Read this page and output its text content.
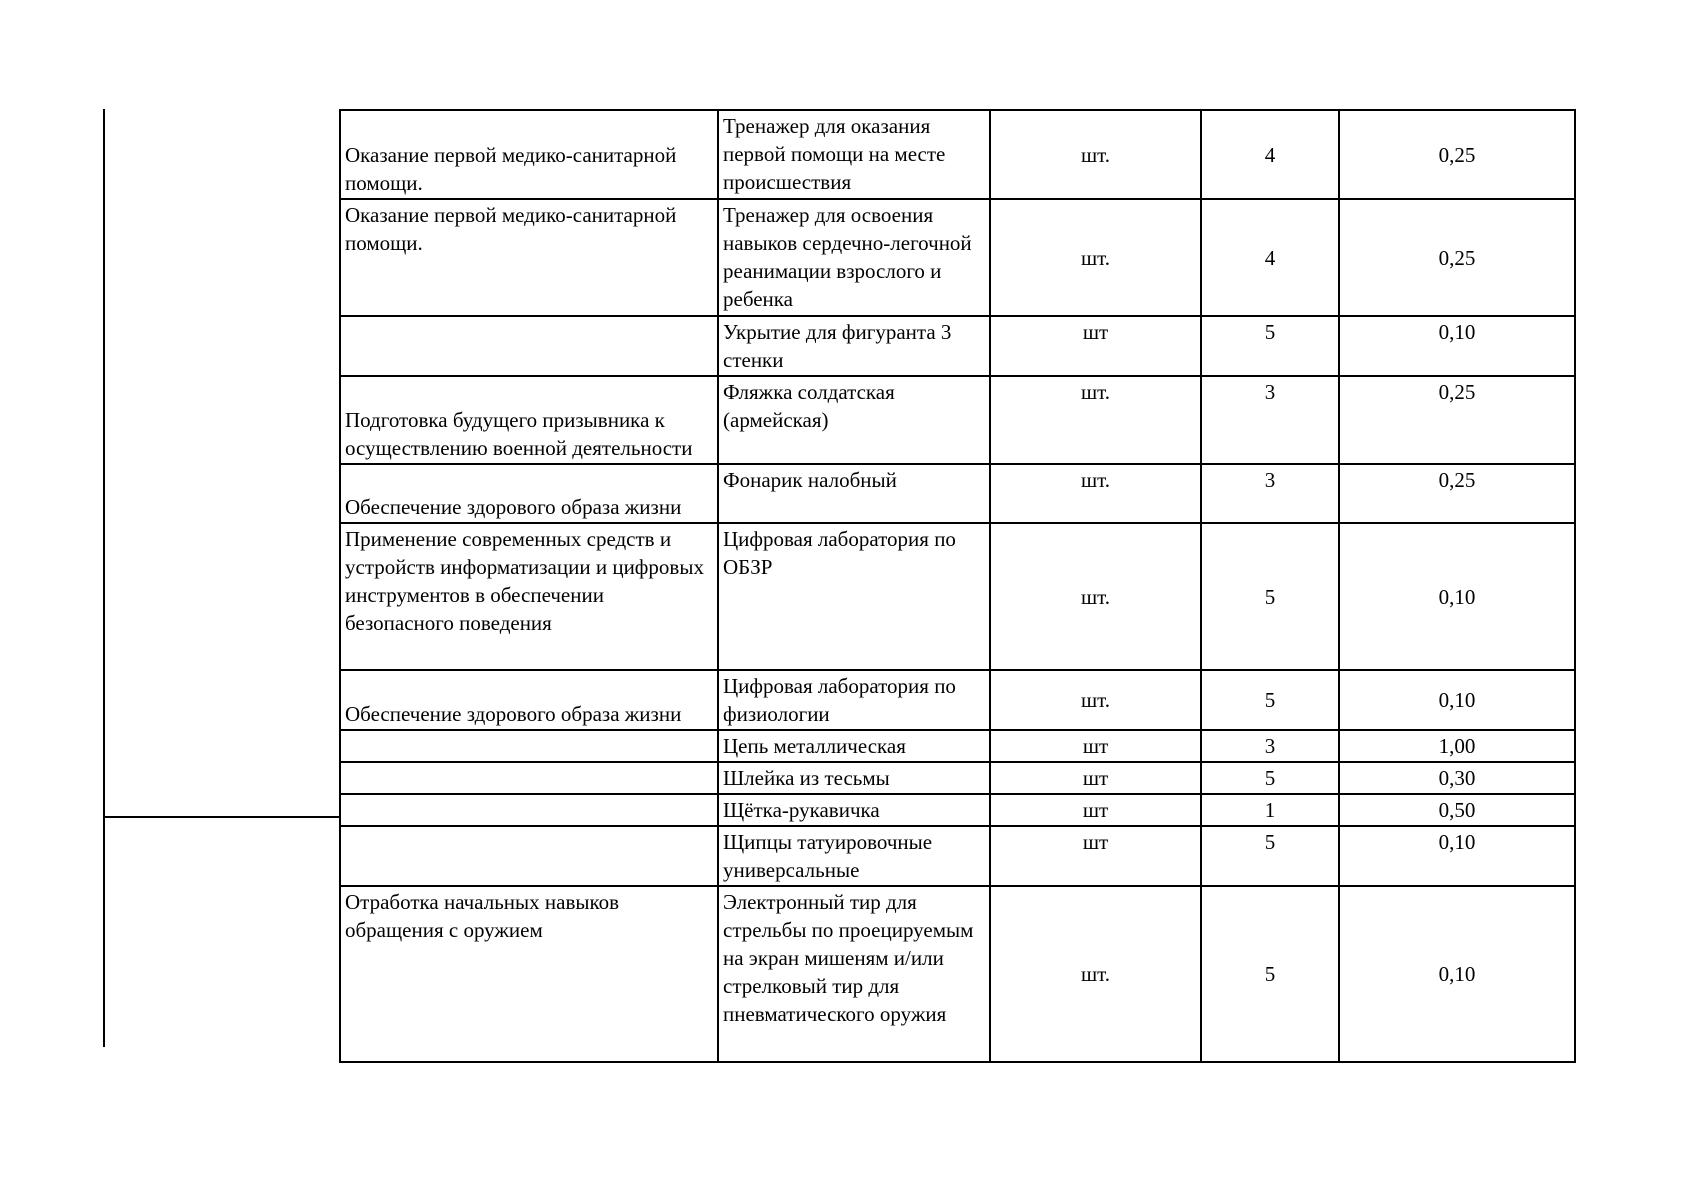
Оказание первой медико-санитарной помощи.	Тренажер для оказания первой помощи на месте происшествия	шт.	4	0,25
Оказание первой медико-санитарной помощи.	Тренажер для освоения навыков сердечно-легочной реанимации взрослого и ребенка	шт.	4	0,25
	Укрытие для фигуранта 3 стенки	шт	5	0,10
Подготовка будущего призывника к осуществлению военной деятельности	Фляжка солдатская (армейская)	шт.	3	0,25
Обеспечение здорового образа жизни	Фонарик налобный	шт.	3	0,25
Применение современных средств и устройств информатизации и цифровых инструментов в обеспечении безопасного поведения	Цифровая лаборатория по ОБЗР	шт.	5	0,10
Обеспечение здорового образа жизни	Цифровая лаборатория по физиологии	шт.	5	0,10
	Цепь металлическая	шт	3	1,00
	Шлейка из тесьмы	шт	5	0,30
	Щётка-рукавичка	шт	1	0,50
	Щипцы татуировочные универсальные	шт	5	0,10
Отработка начальных навыков обращения с оружием	Электронный тир для стрельбы по проецируемым на экран мишеням и/или стрелковый тир для пневматического оружия	шт.	5	0,10
